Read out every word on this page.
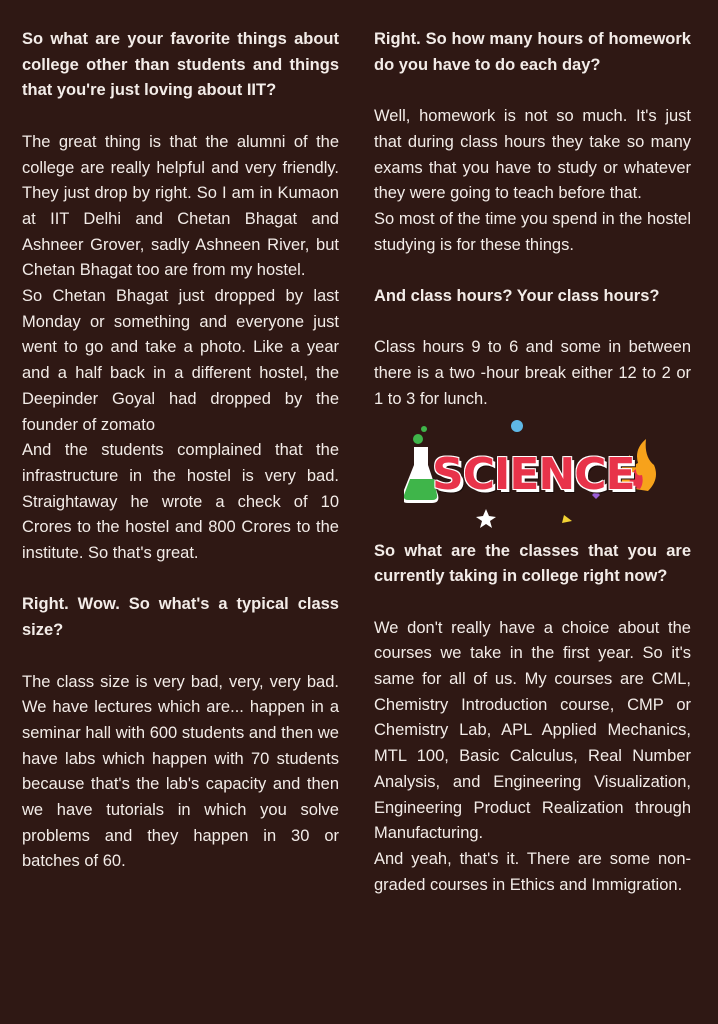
So what are your favorite things about college other than students and things that you're just loving about IIT?

The great thing is that the alumni of the college are really helpful and very friendly. They just drop by right. So I am in Kumaon at IIT Delhi and Chetan Bhagat and Ashneer Grover, sadly Ashneen River, but Chetan Bhagat too are from my hostel.

So Chetan Bhagat just dropped by last Monday or something and everyone just went to go and take a photo. Like a year and a half back in a different hostel, the Deepinder Goyal had dropped by the founder of zomato

And the students complained that the infrastructure in the hostel is very bad. Straightaway he wrote a check of 10 Crores to the hostel and 800 Crores to the institute. So that's great.

Right. Wow. So what's a typical class size?

The class size is very bad, very, very bad. We have lectures which are... happen in a seminar hall with 600 students and then we have labs which happen with 70 students because that's the lab's capacity and then we have tutorials in which you solve problems and they happen in 30 or batches of 60.

Right. So how many hours of homework do you have to do each day?

Well, homework is not so much. It's just that during class hours they take so many exams that you have to study or whatever they were going to teach before that.

So most of the time you spend in the hostel studying is for these things.

And class hours? Your class hours?

Class hours 9 to 6 and some in between there is a two -hour break either 12 to 2 or 1 to 3 for lunch.

SCIENCE

So what are the classes that you are currently taking in college right now?

We don't really have a choice about the courses we take in the first year. So it's same for all of us. My courses are CML, Chemistry Introduction course, CMP or Chemistry Lab, APL Applied Mechanics, MTL 100, Basic Calculus, Real Number Analysis, and Engineering Visualization, Engineering Product Realization through Manufacturing.

And yeah, that's it. There are some non-graded courses in Ethics and Immigration.
